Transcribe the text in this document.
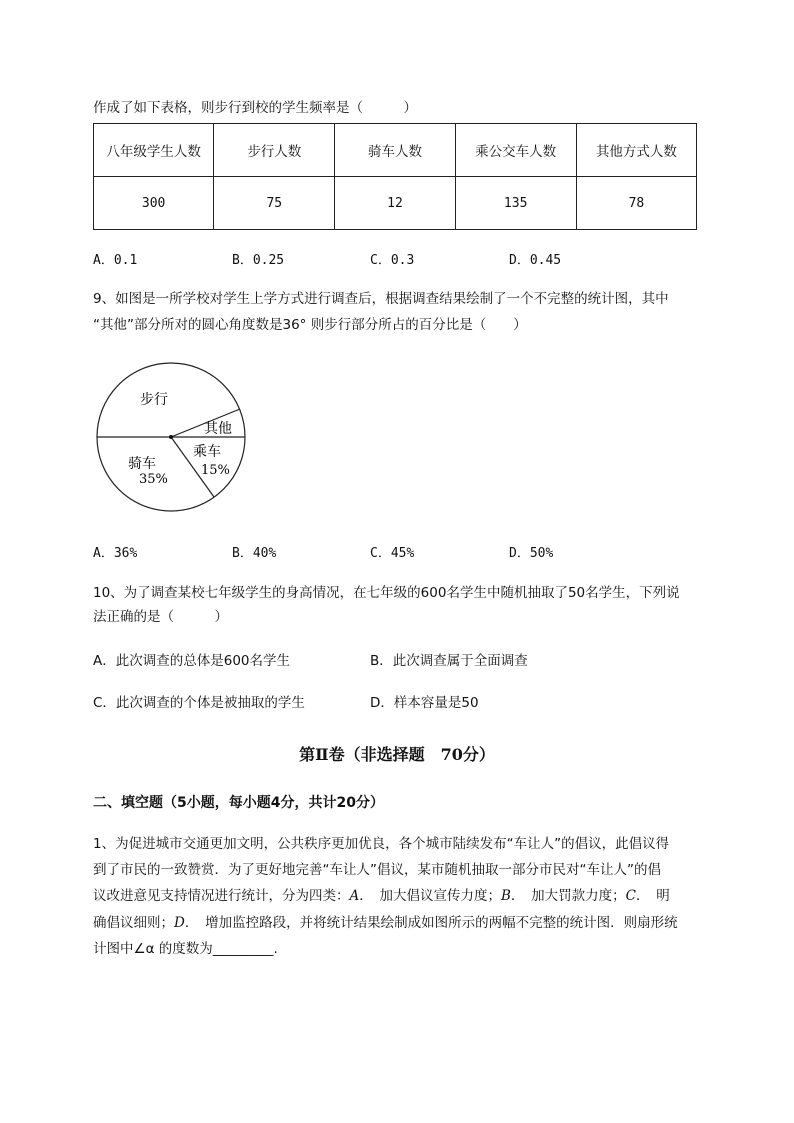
作成了如下表格，则步行到校的学生频率是（　　　）
八年级学生人数	步行人数	骑车人数	乘公交车人数	其他方式人数
300	75	12	135	78
A．0.1	B．0.25	C．0.3	D．0.45
9、如图是一所学校对学生上学方式进行调查后，根据调查结果绘制了一个不完整的统计图，其中
“其他”部分所对的圆心角度数是36° 则步行部分所占的百分比是（　　）
步行
其他
乘车
15%
骑车
35%
A．36%	B．40%	C．45%	D．50%
10、为了调查某校七年级学生的身高情况，在七年级的600名学生中随机抽取了50名学生，下列说
法正确的是（　　　）
A．此次调查的总体是600名学生	B．此次调查属于全面调查
C．此次调查的个体是被抽取的学生	D．样本容量是50
第Ⅱ卷（非选择题　70分）
二、填空题（5小题，每小题4分，共计20分）
1、为促进城市交通更加文明，公共秩序更加优良，各个城市陆续发布“车让人”的倡议，此倡议得
到了市民的一致赞赏．为了更好地完善“车让人”倡议，某市随机抽取一部分市民对“车让人”的倡
议改进意见支持情况进行统计，分为四类：A．　加大倡议宣传力度；B．　加大罚款力度；C．　明
确倡议细则；D．　增加监控路段，并将统计结果绘制成如图所示的两幅不完整的统计图．则扇形统
计图中∠α 的度数为_________.
